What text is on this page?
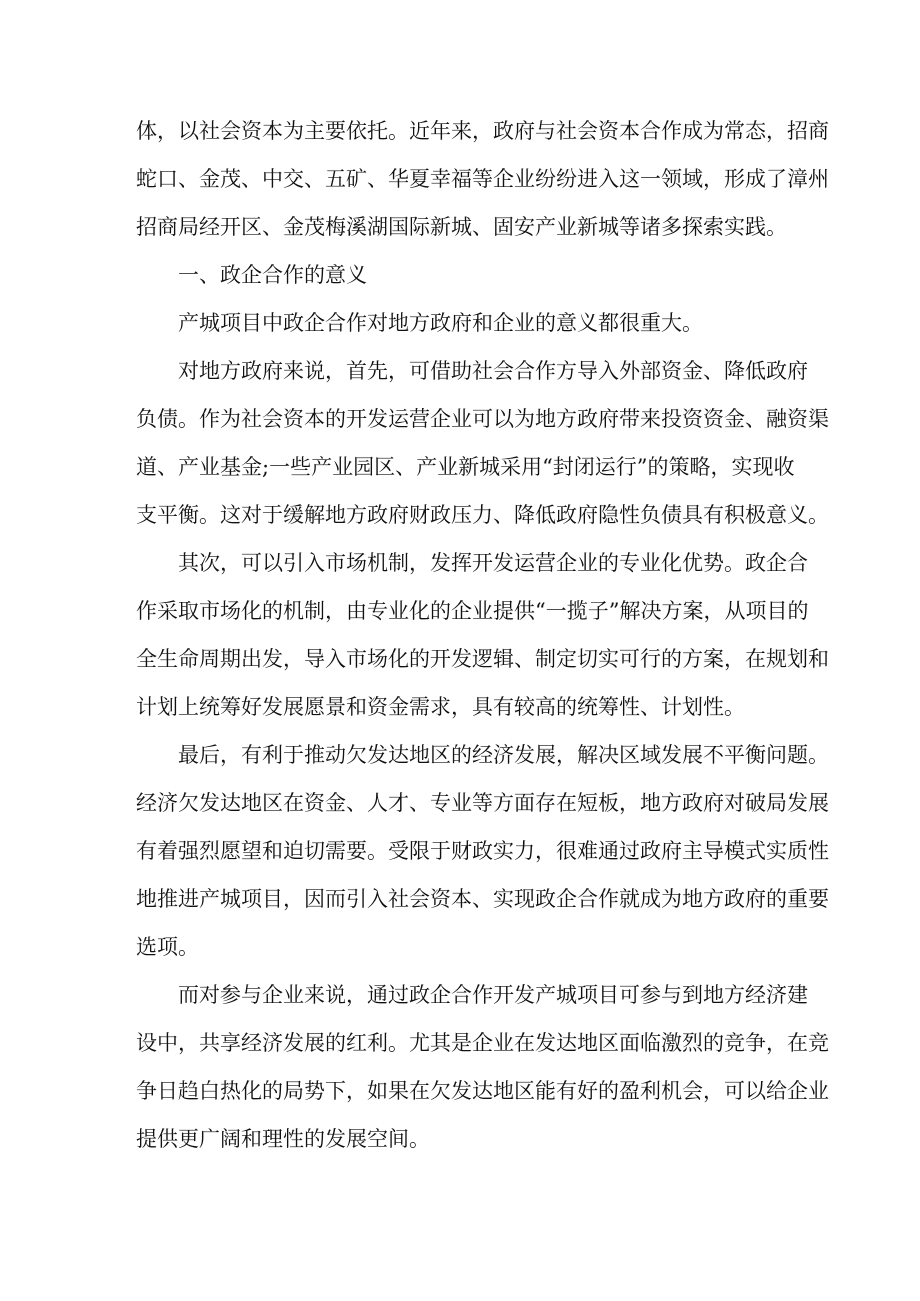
体，以社会资本为主要依托。近年来，政府与社会资本合作成为常态，招商
蛇口、金茂、中交、五矿、华夏幸福等企业纷纷进入这一领域，形成了漳州
招商局经开区、金茂梅溪湖国际新城、固安产业新城等诸多探索实践。
一、政企合作的意义
产城项目中政企合作对地方政府和企业的意义都很重大。
对地方政府来说，首先，可借助社会合作方导入外部资金、降低政府
负债。作为社会资本的开发运营企业可以为地方政府带来投资资金、融资渠
道、产业基金;一些产业园区、产业新城采用“封闭运行”的策略，实现收
支平衡。这对于缓解地方政府财政压力、降低政府隐性负债具有积极意义。
其次，可以引入市场机制，发挥开发运营企业的专业化优势。政企合
作采取市场化的机制，由专业化的企业提供“一揽子”解决方案，从项目的
全生命周期出发，导入市场化的开发逻辑、制定切实可行的方案，在规划和
计划上统筹好发展愿景和资金需求，具有较高的统筹性、计划性。
最后，有利于推动欠发达地区的经济发展，解决区域发展不平衡问题。
经济欠发达地区在资金、人才、专业等方面存在短板，地方政府对破局发展
有着强烈愿望和迫切需要。受限于财政实力，很难通过政府主导模式实质性
地推进产城项目，因而引入社会资本、实现政企合作就成为地方政府的重要
选项。
而对参与企业来说，通过政企合作开发产城项目可参与到地方经济建
设中，共享经济发展的红利。尤其是企业在发达地区面临激烈的竞争，在竞
争日趋白热化的局势下，如果在欠发达地区能有好的盈利机会，可以给企业
提供更广阔和理性的发展空间。
